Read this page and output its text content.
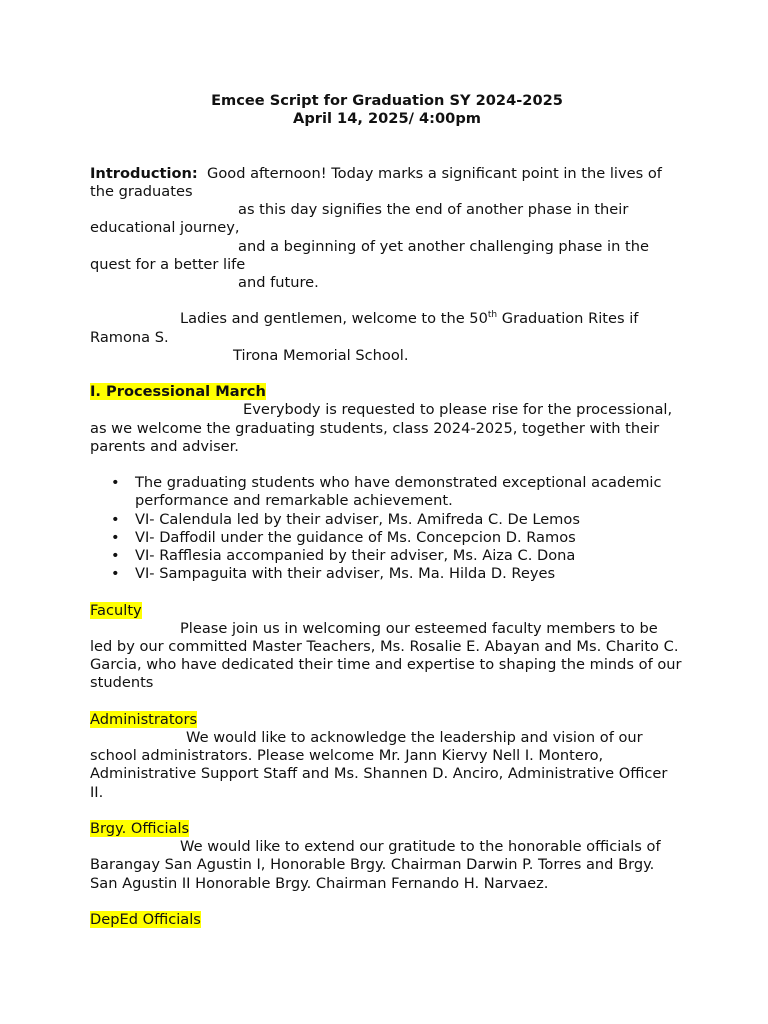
Emcee Script for Graduation SY 2024-2025
April 14, 2025/ 4:00pm

Introduction: Good afternoon! Today marks a significant point in the lives of the graduates
as this day signifies the end of another phase in their educational journey,
and a beginning of yet another challenging phase in the quest for a better life
and future.

Ladies and gentlemen, welcome to the 50th Graduation Rites if Ramona S.
Tirona Memorial School.

I. Processional March
Everybody is requested to please rise for the processional, as we welcome the graduating students, class 2024-2025, together with their parents and adviser.

• The graduating students who have demonstrated exceptional academic performance and remarkable achievement.
• VI- Calendula led by their adviser, Ms. Amifreda C. De Lemos
• VI- Daffodil under the guidance of Ms. Concepcion D. Ramos
• VI- Rafflesia accompanied by their adviser, Ms. Aiza C. Dona
• VI- Sampaguita with their adviser, Ms. Ma. Hilda D. Reyes

Faculty
Please join us in welcoming our esteemed faculty members to be led by our committed Master Teachers, Ms. Rosalie E. Abayan and Ms. Charito C. Garcia, who have dedicated their time and expertise to shaping the minds of our students

Administrators
We would like to acknowledge the leadership and vision of our school administrators. Please welcome Mr. Jann Kiervy Nell I. Montero, Administrative Support Staff and Ms. Shannen D. Anciro, Administrative Officer II.

Brgy. Officials
We would like to extend our gratitude to the honorable officials of Barangay San Agustin I, Honorable Brgy. Chairman Darwin P. Torres and Brgy. San Agustin II Honorable Brgy. Chairman Fernando H. Narvaez.

DepEd Officials
